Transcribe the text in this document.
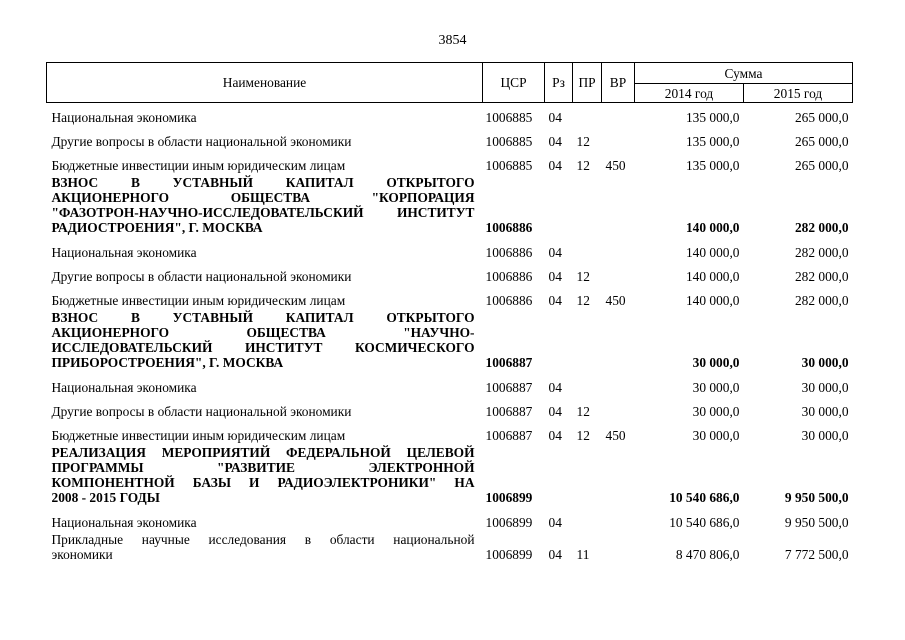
3854
Наименование	ЦСР	Рз	ПР	ВР	Сумма	
					2014 год	2015 год

Национальная экономика	1006885	04			135 000,0	265 000,0

Другие вопросы в области национальной экономики	1006885	04	12		135 000,0	265 000,0

Бюджетные инвестиции иным юридическим лицам	1006885	04	12	450	135 000,0	265 000,0

ВЗНОС В УСТАВНЫЙ КАПИТАЛ ОТКРЫТОГО
АКЦИОНЕРНОГО ОБЩЕСТВА "КОРПОРАЦИЯ
"ФАЗОТРОН-НАУЧНО-ИССЛЕДОВАТЕЛЬСКИЙ ИНСТИТУТ
РАДИОСТРОЕНИЯ", Г. МОСКВА	1006886				140 000,0	282 000,0

Национальная экономика	1006886	04			140 000,0	282 000,0

Другие вопросы в области национальной экономики	1006886	04	12		140 000,0	282 000,0

Бюджетные инвестиции иным юридическим лицам	1006886	04	12	450	140 000,0	282 000,0

ВЗНОС В УСТАВНЫЙ КАПИТАЛ ОТКРЫТОГО
АКЦИОНЕРНОГО ОБЩЕСТВА "НАУЧНО-
ИССЛЕДОВАТЕЛЬСКИЙ ИНСТИТУТ КОСМИЧЕСКОГО
ПРИБОРОСТРОЕНИЯ", Г. МОСКВА	1006887				30 000,0	30 000,0

Национальная экономика	1006887	04			30 000,0	30 000,0

Другие вопросы в области национальной экономики	1006887	04	12		30 000,0	30 000,0

Бюджетные инвестиции иным юридическим лицам	1006887	04	12	450	30 000,0	30 000,0

РЕАЛИЗАЦИЯ МЕРОПРИЯТИЙ ФЕДЕРАЛЬНОЙ ЦЕЛЕВОЙ
ПРОГРАММЫ "РАЗВИТИЕ ЭЛЕКТРОННОЙ
КОМПОНЕНТНОЙ БАЗЫ И РАДИОЭЛЕКТРОНИКИ" НА
2008 - 2015 ГОДЫ	1006899				10 540 686,0	9 950 500,0

Национальная экономика	1006899	04			10 540 686,0	9 950 500,0

Прикладные научные исследования в области национальной
экономики	1006899	04	11		8 470 806,0	7 772 500,0
